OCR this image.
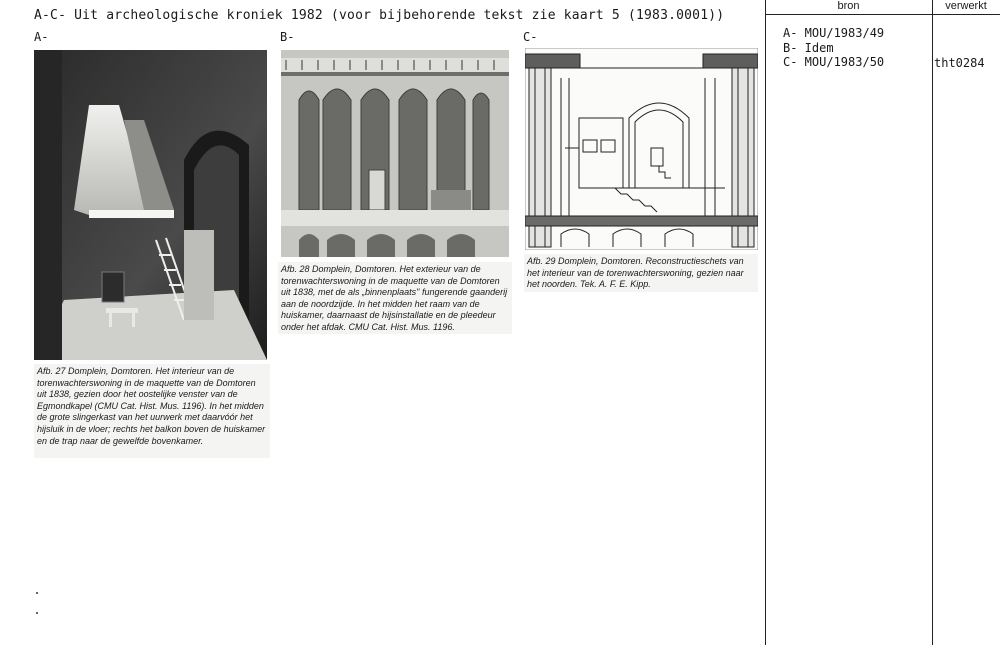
A-C- Uit archeologische kroniek 1982 (voor bijbehorende tekst zie kaart 5 (1983.0001))
A-	B-	C-
Afb. 27 Domplein, Domtoren. Het interieur van de torenwachterswoning in de maquette van de Domtoren uit 1838, gezien door het oostelijke venster van de Egmondkapel (CMU Cat. Hist. Mus. 1196). In het midden de grote slingerkast van het uurwerk met daarvóór het hijsluik in de vloer; rechts het balkon boven de huiskamer en de trap naar de gewelfde bovenkamer.
Afb. 28 Domplein, Domtoren. Het exterieur van de torenwachterswoning in de maquette van de Domtoren uit 1838, met de als „binnenplaats'' fungerende gaanderij aan de noordzijde. In het midden het raam van de huiskamer, daarnaast de hijsinstallatie en de pleedeur onder het afdak. CMU Cat. Hist. Mus. 1196.
Afb. 29 Domplein, Domtoren. Reconstructieschets van het interieur van de torenwachterswoning, gezien naar het noorden. Tek. A. F. E. Kipp.
bron	verwerkt
A- MOU/1983/49
B- Idem
C- MOU/1983/50	tht0284
